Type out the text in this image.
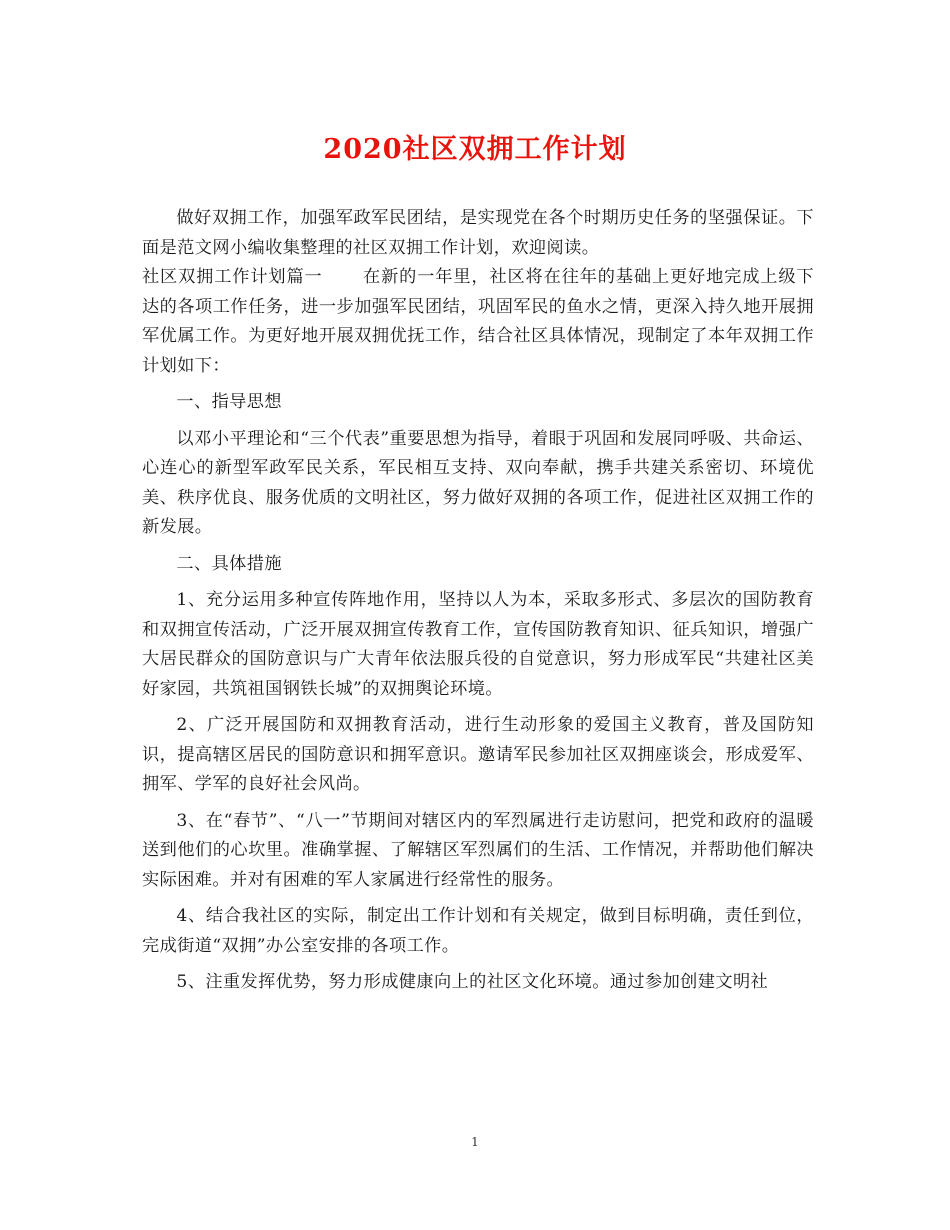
2020社区双拥工作计划

做好双拥工作，加强军政军民团结，是实现党在各个时期历史任务的坚强保证。下面是范文网小编收集整理的社区双拥工作计划，欢迎阅读。

社区双拥工作计划篇一 在新的一年里，社区将在往年的基础上更好地完成上级下达的各项工作任务，进一步加强军民团结，巩固军民的鱼水之情，更深入持久地开展拥军优属工作。为更好地开展双拥优抚工作，结合社区具体情况，现制定了本年双拥工作计划如下：

一、指导思想

以邓小平理论和“三个代表”重要思想为指导，着眼于巩固和发展同呼吸、共命运、心连心的新型军政军民关系，军民相互支持、双向奉献，携手共建关系密切、环境优美、秩序优良、服务优质的文明社区，努力做好双拥的各项工作，促进社区双拥工作的新发展。

二、具体措施

1、充分运用多种宣传阵地作用，坚持以人为本，采取多形式、多层次的国防教育和双拥宣传活动，广泛开展双拥宣传教育工作，宣传国防教育知识、征兵知识，增强广大居民群众的国防意识与广大青年依法服兵役的自觉意识，努力形成军民“共建社区美好家园，共筑祖国钢铁长城”的双拥舆论环境。

2、广泛开展国防和双拥教育活动，进行生动形象的爱国主义教育，普及国防知识，提高辖区居民的国防意识和拥军意识。邀请军民参加社区双拥座谈会，形成爱军、拥军、学军的良好社会风尚。

3、在“春节”、“八一”节期间对辖区内的军烈属进行走访慰问，把党和政府的温暖送到他们的心坎里。准确掌握、了解辖区军烈属们的生活、工作情况，并帮助他们解决实际困难。并对有困难的军人家属进行经常性的服务。

4、结合我社区的实际，制定出工作计划和有关规定，做到目标明确，责任到位，完成街道“双拥”办公室安排的各项工作。

5、注重发挥优势，努力形成健康向上的社区文化环境。通过参加创建文明社

1
